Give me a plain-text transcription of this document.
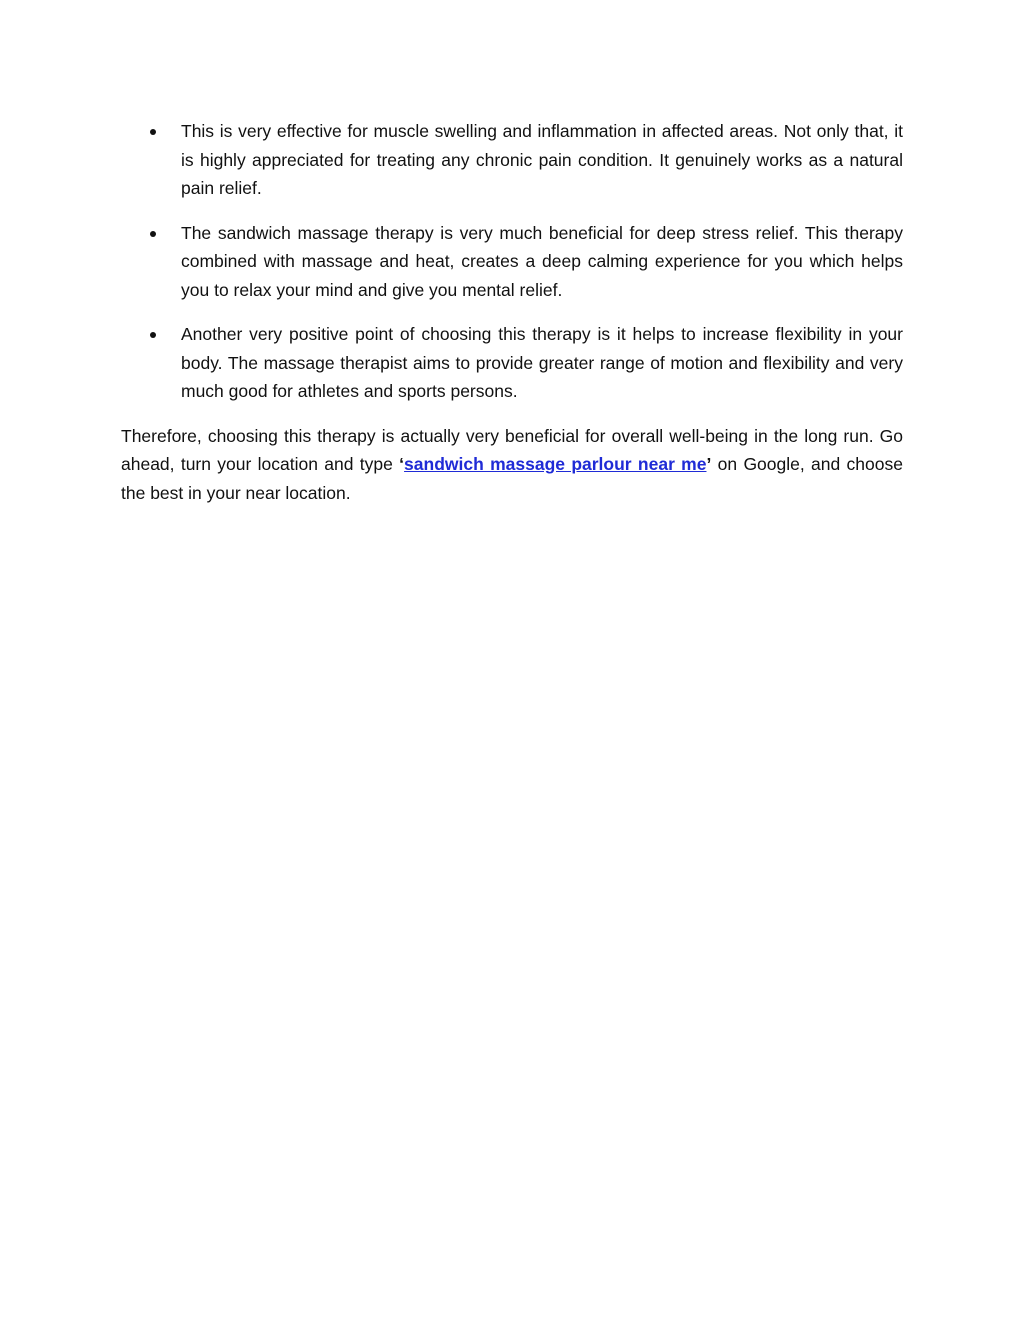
This is very effective for muscle swelling and inflammation in affected areas. Not only that, it is highly appreciated for treating any chronic pain condition. It genuinely works as a natural pain relief.
The sandwich massage therapy is very much beneficial for deep stress relief. This therapy combined with massage and heat, creates a deep calming experience for you which helps you to relax your mind and give you mental relief.
Another very positive point of choosing this therapy is it helps to increase flexibility in your body. The massage therapist aims to provide greater range of motion and flexibility and very much good for athletes and sports persons.

Therefore, choosing this therapy is actually very beneficial for overall well-being in the long run. Go ahead, turn your location and type ‘sandwich massage parlour near me’ on Google, and choose the best in your near location.
